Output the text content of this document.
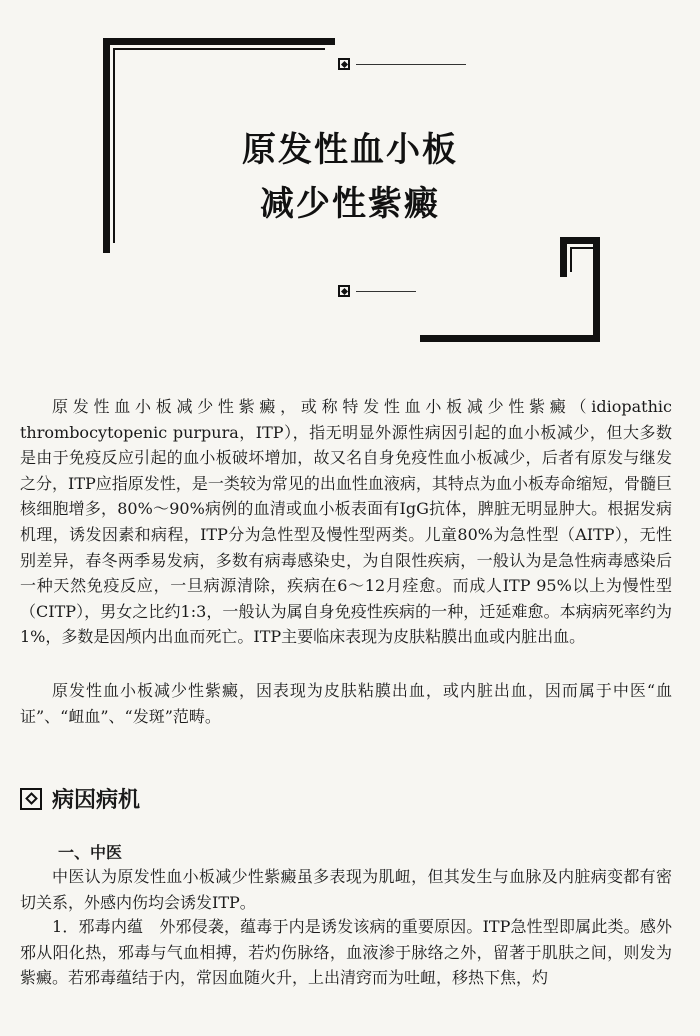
原发性血小板
减少性紫癜

原发性血小板减少性紫癜，或称特发性血小板减少性紫癜（idiopathic thrombocytopenic purpura，ITP），指无明显外源性病因引起的血小板减少，但大多数是由于免疫反应引起的血小板破坏增加，故又名自身免疫性血小板减少，后者有原发与继发之分，ITP应指原发性，是一类较为常见的出血性血液病，其特点为血小板寿命缩短，骨髓巨核细胞增多，80%～90%病例的血清或血小板表面有IgG抗体，脾脏无明显肿大。根据发病机理，诱发因素和病程，ITP分为急性型及慢性型两类。儿童80%为急性型（AITP），无性别差异，春冬两季易发病，多数有病毒感染史，为自限性疾病，一般认为是急性病毒感染后一种天然免疫反应，一旦病源清除，疾病在6～12月痊愈。而成人ITP 95%以上为慢性型（CITP），男女之比约1:3，一般认为属自身免疫性疾病的一种，迁延难愈。本病病死率约为1%，多数是因颅内出血而死亡。ITP主要临床表现为皮肤粘膜出血或内脏出血。

原发性血小板减少性紫癜，因表现为皮肤粘膜出血，或内脏出血，因而属于中医“血证”、“衄血”、“发斑”范畴。

病因病机
一、中医

中医认为原发性血小板减少性紫癜虽多表现为肌衄，但其发生与血脉及内脏病变都有密切关系，外感内伤均会诱发ITP。

1．邪毒内蕴　外邪侵袭，蕴毒于内是诱发该病的重要原因。ITP急性型即属此类。感外邪从阳化热，邪毒与气血相搏，若灼伤脉络，血液渗于脉络之外，留著于肌肤之间，则发为紫癜。若邪毒蕴结于内，常因血随火升，上出清窍而为吐衄，移热下焦，灼
